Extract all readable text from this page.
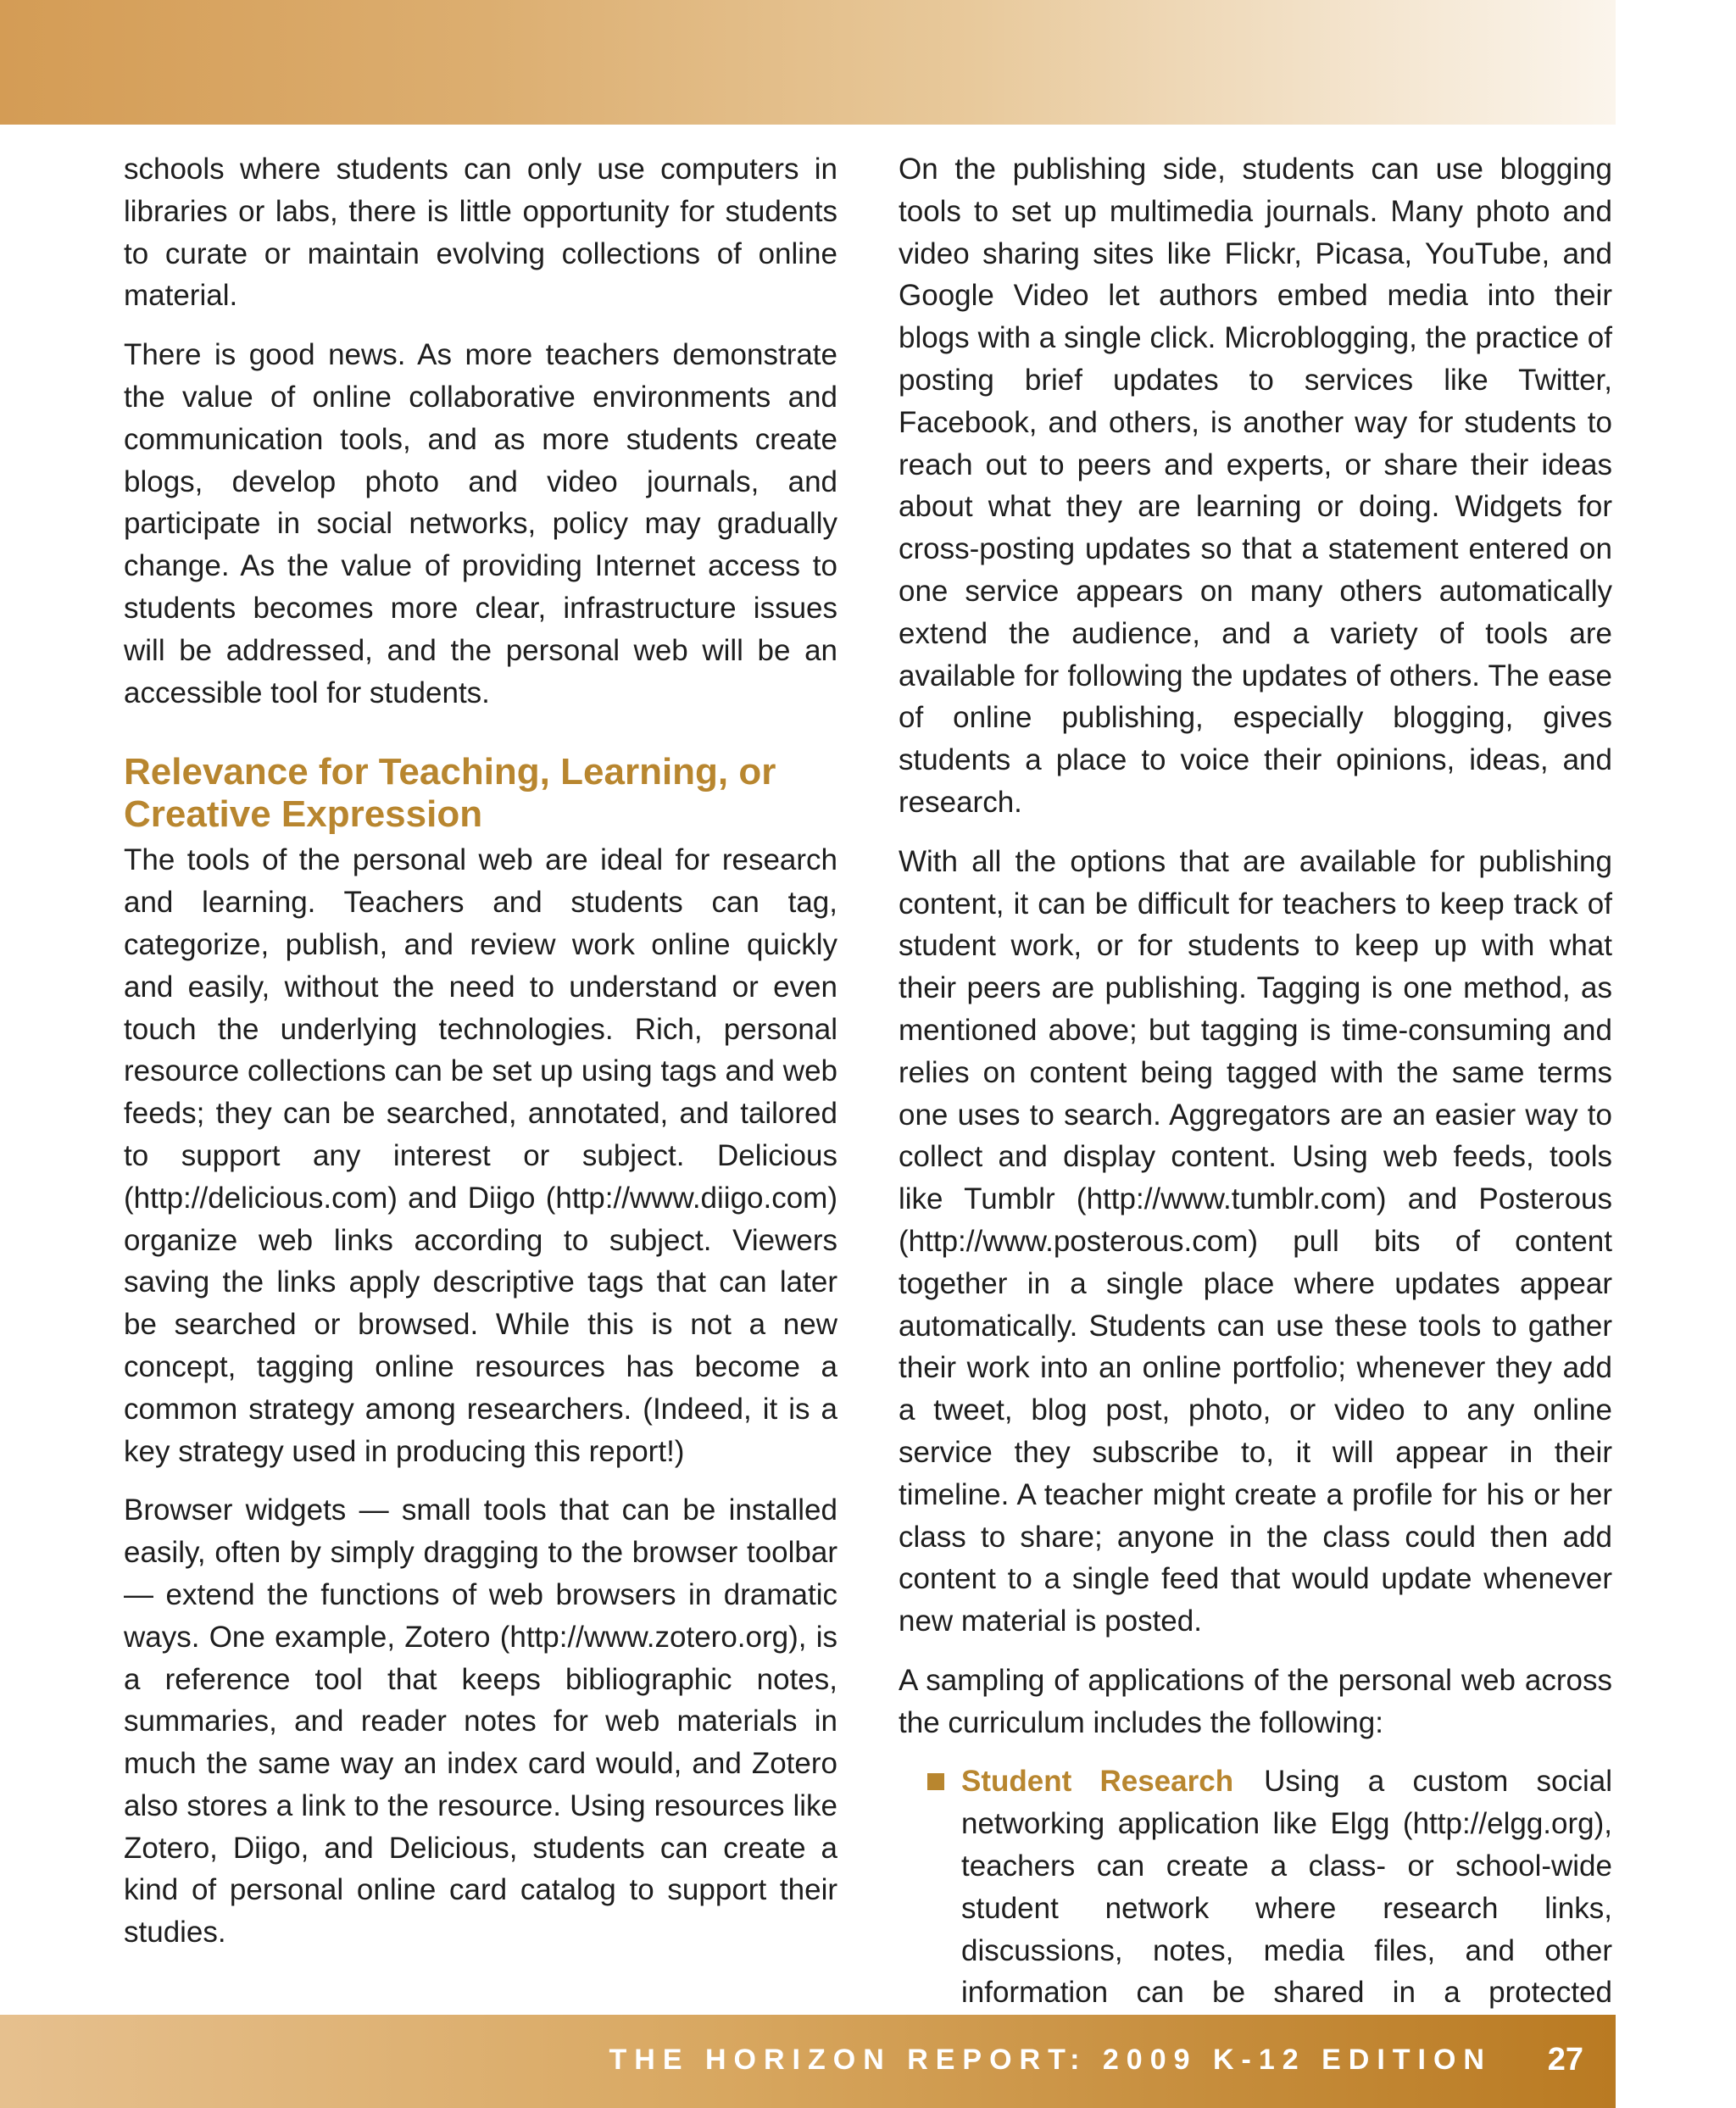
schools where students can only use computers in libraries or labs, there is little opportunity for students to curate or maintain evolving collections of online material.

There is good news. As more teachers demonstrate the value of online collaborative environments and communication tools, and as more students create blogs, develop photo and video journals, and participate in social networks, policy may gradually change. As the value of providing Internet access to students becomes more clear, infrastructure issues will be addressed, and the personal web will be an accessible tool for students.

Relevance for Teaching, Learning, or Creative Expression

The tools of the personal web are ideal for research and learning. Teachers and students can tag, categorize, publish, and review work online quickly and easily, without the need to understand or even touch the underlying technologies. Rich, personal resource collections can be set up using tags and web feeds; they can be searched, annotated, and tailored to support any interest or subject. Delicious (http://delicious.com) and Diigo (http://www.diigo.com) organize web links according to subject. Viewers saving the links apply descriptive tags that can later be searched or browsed. While this is not a new concept, tagging online resources has become a common strategy among researchers. (Indeed, it is a key strategy used in producing this report!)

Browser widgets — small tools that can be installed easily, often by simply dragging to the browser toolbar — extend the functions of web browsers in dramatic ways. One example, Zotero (http://www.zotero.org), is a reference tool that keeps bibliographic notes, summaries, and reader notes for web materials in much the same way an index card would, and Zotero also stores a link to the resource. Using resources like Zotero, Diigo, and Delicious, students can create a kind of personal online card catalog to support their studies.

On the publishing side, students can use blogging tools to set up multimedia journals. Many photo and video sharing sites like Flickr, Picasa, YouTube, and Google Video let authors embed media into their blogs with a single click. Microblogging, the practice of posting brief updates to services like Twitter, Facebook, and others, is another way for students to reach out to peers and experts, or share their ideas about what they are learning or doing. Widgets for cross-posting updates so that a statement entered on one service appears on many others automatically extend the audience, and a variety of tools are available for following the updates of others. The ease of online publishing, especially blogging, gives students a place to voice their opinions, ideas, and research.

With all the options that are available for publishing content, it can be difficult for teachers to keep track of student work, or for students to keep up with what their peers are publishing. Tagging is one method, as mentioned above; but tagging is time-consuming and relies on content being tagged with the same terms one uses to search. Aggregators are an easier way to collect and display content. Using web feeds, tools like Tumblr (http://www.tumblr.com) and Posterous (http://www.posterous.com) pull bits of content together in a single place where updates appear automatically. Students can use these tools to gather their work into an online portfolio; whenever they add a tweet, blog post, photo, or video to any online service they subscribe to, it will appear in their timeline. A teacher might create a profile for his or her class to share; anyone in the class could then add content to a single feed that would update whenever new material is posted.

A sampling of applications of the personal web across the curriculum includes the following:

Student Research Using a custom social networking application like Elgg (http://elgg.org), teachers can create a class- or school-wide student network where research links, discussions, notes, media files, and other information can be shared in a protected
THE HORIZON REPORT: 2009 K-12 EDITION 27
